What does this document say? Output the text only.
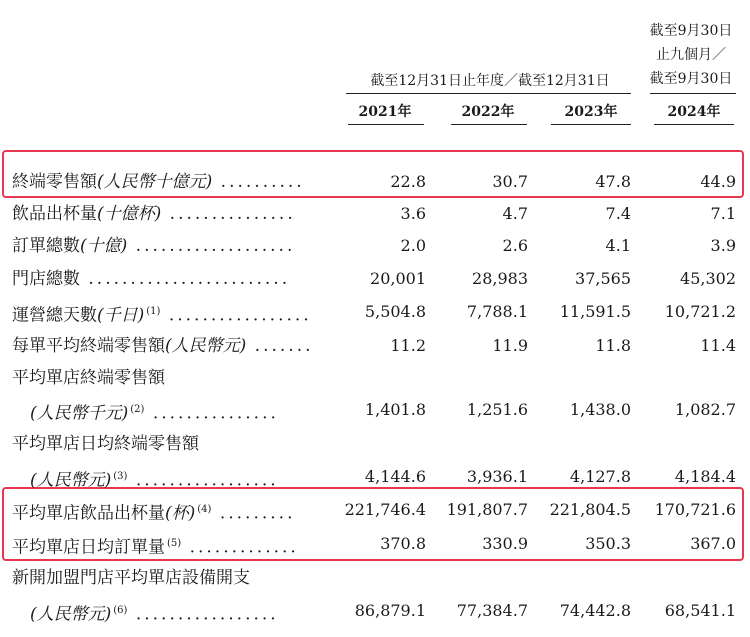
截至9月30日
止九個月／
截至9月30日
截至12月31日止年度／截至12月31日
2021年	2022年	2023年	2024年
終端零售額(人民幣十億元) ..........	22.8	30.7	47.8	44.9
飲品出杯量(十億杯) ...............	3.6	4.7	7.4	7.1
訂單總數(十億) ...................	2.0	2.6	4.1	3.9
門店總數 ........................	20,001	28,983	37,565	45,302
運營總天數(千日) $^{(1)}$ .................	5,504.8	7,788.1	11,591.5	10,721.2
每單平均終端零售額(人民幣元) .......	11.2	11.9	11.8	11.4
平均單店終端零售額
(人民幣千元) $^{(2)}$ ...............	1,401.8	1,251.6	1,438.0	1,082.7
平均單店日均終端零售額
(人民幣元) $^{(3)}$ .................	4,144.6	3,936.1	4,127.8	4,184.4
平均單店飲品出杯量(杯) $^{(4)}$ .........	221,746.4	191,807.7	221,804.5	170,721.6
平均單店日均訂單量 $^{(5)}$ .............	370.8	330.9	350.3	367.0
新開加盟門店平均單店設備開支
(人民幣元) $^{(6)}$ .................	86,879.1	77,384.7	74,442.8	68,541.1
